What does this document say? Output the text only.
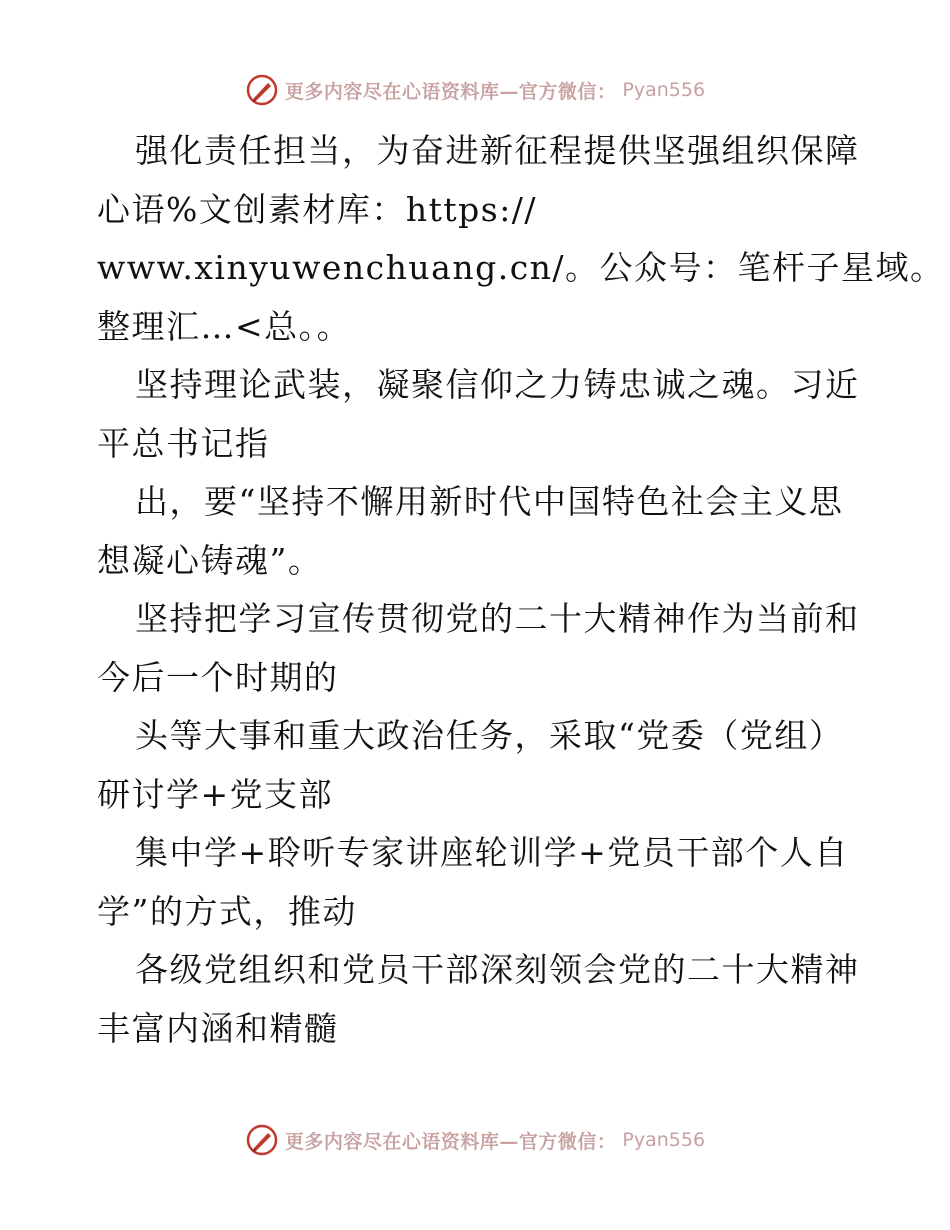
更多内容尽在心语资料库—官方微信： Pyan556
强化责任担当，为奋进新征程提供坚强组织保障
心语%文创素材库：https://
www.xinyuwenchuang.cn/。公众号：笔杆子星域。
整理汇…<总。。
坚持理论武装，凝聚信仰之力铸忠诚之魂。习近
平总书记指
出，要“坚持不懈用新时代中国特色社会主义思
想凝心铸魂”。
坚持把学习宣传贯彻党的二十大精神作为当前和
今后一个时期的
头等大事和重大政治任务，采取“党委（党组）
研讨学+党支部
集中学+聆听专家讲座轮训学+党员干部个人自
学”的方式，推动
各级党组织和党员干部深刻领会党的二十大精神
丰富内涵和精髓
更多内容尽在心语资料库—官方微信： Pyan556
